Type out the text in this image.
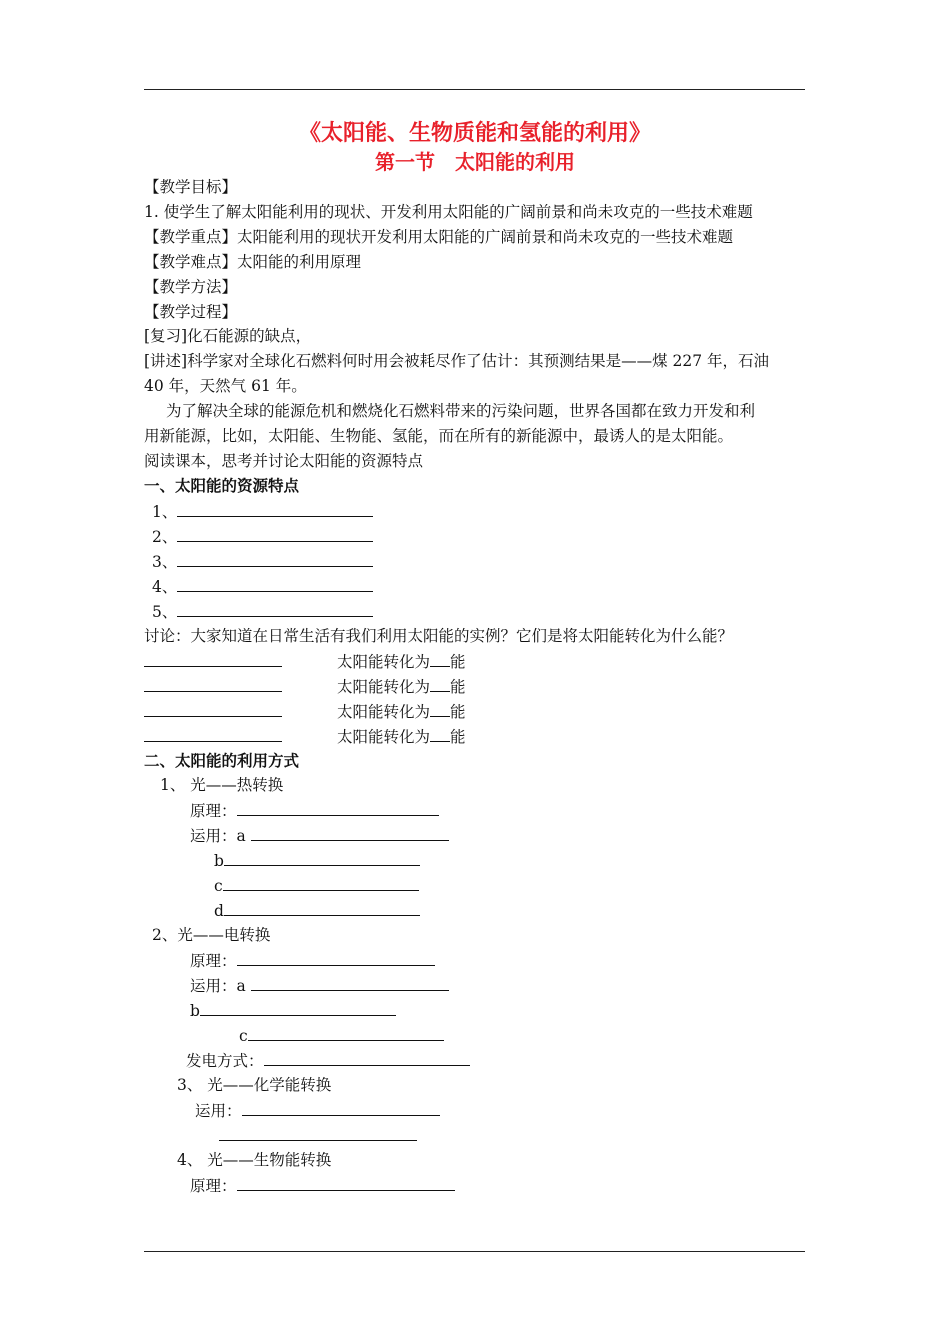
《太阳能、生物质能和氢能的利用》
第一节　太阳能的利用
【教学目标】
1. 使学生了解太阳能利用的现状、开发利用太阳能的广阔前景和尚未攻克的一些技术难题
【教学重点】太阳能利用的现状开发利用太阳能的广阔前景和尚未攻克的一些技术难题
【教学难点】太阳能的利用原理
【教学方法】
【教学过程】
[复习]化石能源的缺点，
[讲述]科学家对全球化石燃料何时用会被耗尽作了估计：其预测结果是——煤 227 年，石油
40 年，天然气 61 年。
为了解决全球的能源危机和燃烧化石燃料带来的污染问题，世界各国都在致力开发和利
用新能源，比如，太阳能、生物能、氢能，而在所有的新能源中，最诱人的是太阳能。
阅读课本，思考并讨论太阳能的资源特点
一、太阳能的资源特点
1、
2、
3、
4、
5、
讨论：大家知道在日常生活有我们利用太阳能的实例？它们是将太阳能转化为什么能？
太阳能转化为 能
太阳能转化为 能
太阳能转化为 能
太阳能转化为 能
二、太阳能的利用方式
1、 光——热转换
原理：
运用：a
b
c
d
2、光——电转换
原理：
运用：a
b
c
发电方式：
3、 光——化学能转换
运用：
4、 光——生物能转换
原理：
